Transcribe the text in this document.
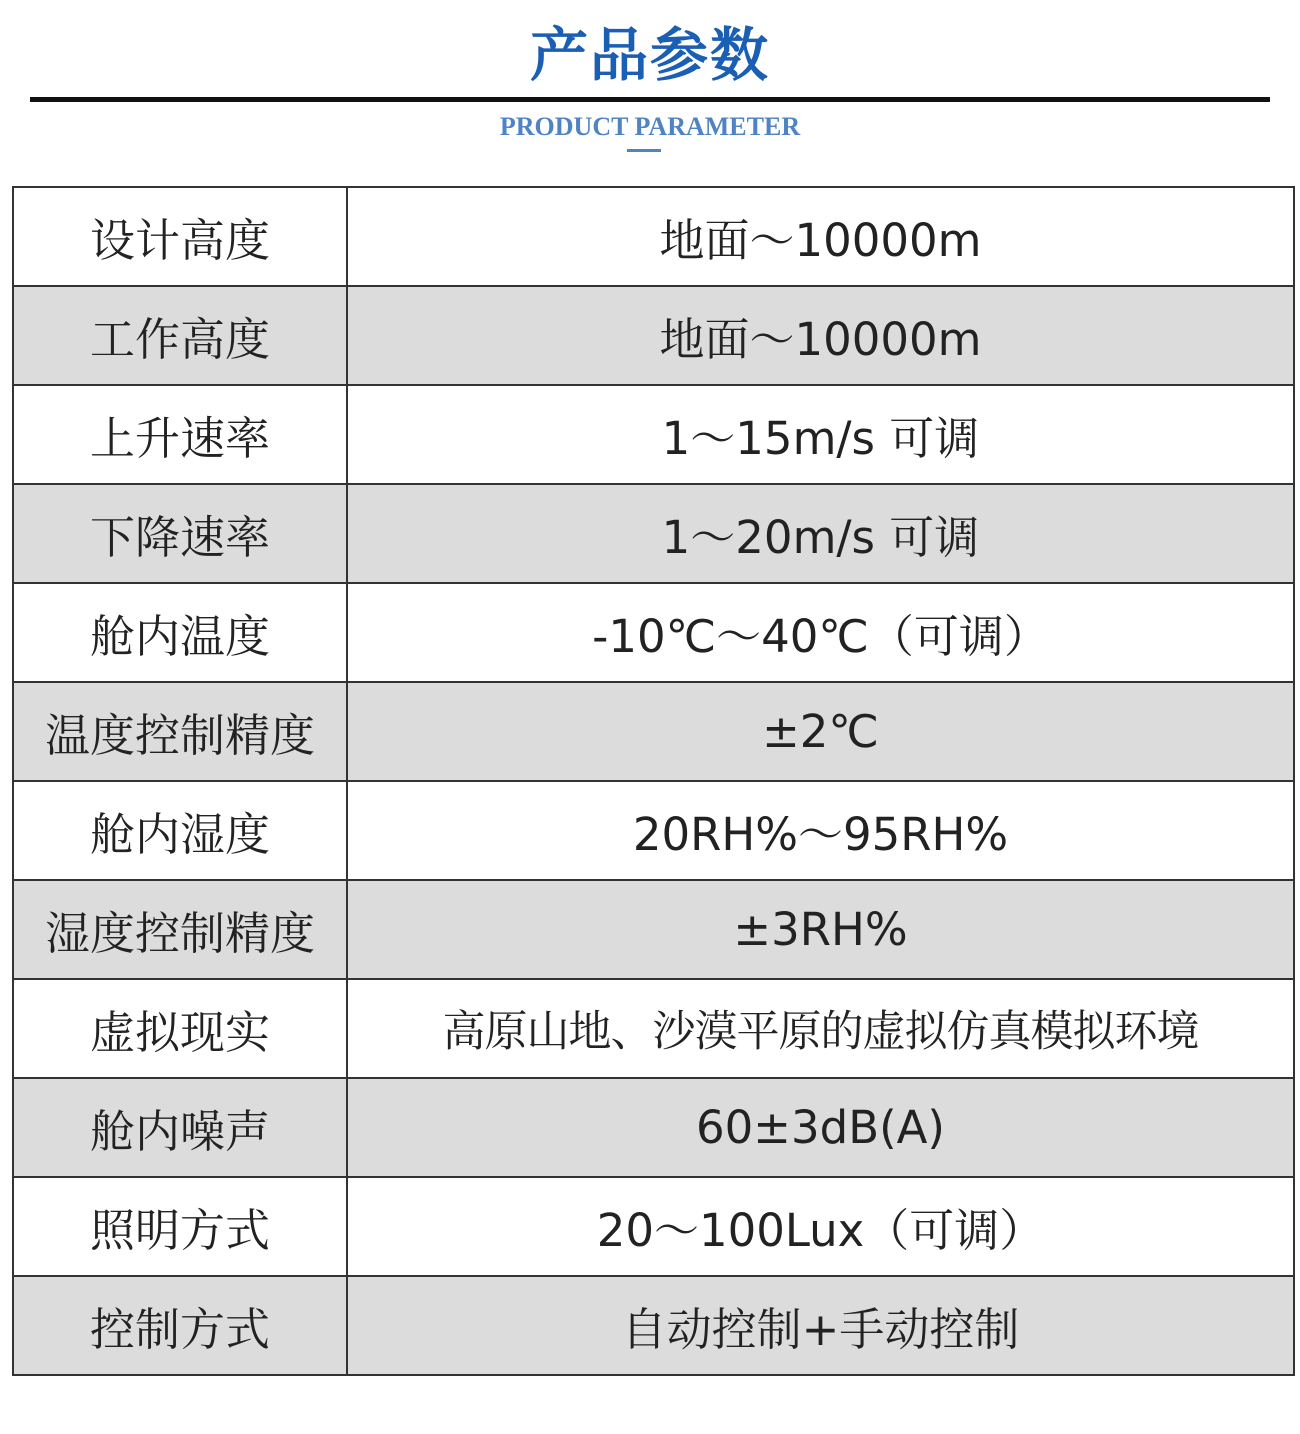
产品参数
PRODUCT PARAMETER
设计高度	地面～10000m
工作高度	地面～10000m
上升速率	1～15m/s 可调
下降速率	1～20m/s 可调
舱内温度	-10℃～40℃（可调）
温度控制精度	±2℃
舱内湿度	20RH%～95RH%
湿度控制精度	±3RH%
虚拟现实	高原山地、沙漠平原的虚拟仿真模拟环境
舱内噪声	60±3dB(A)
照明方式	20～100Lux（可调）
控制方式	自动控制+手动控制
